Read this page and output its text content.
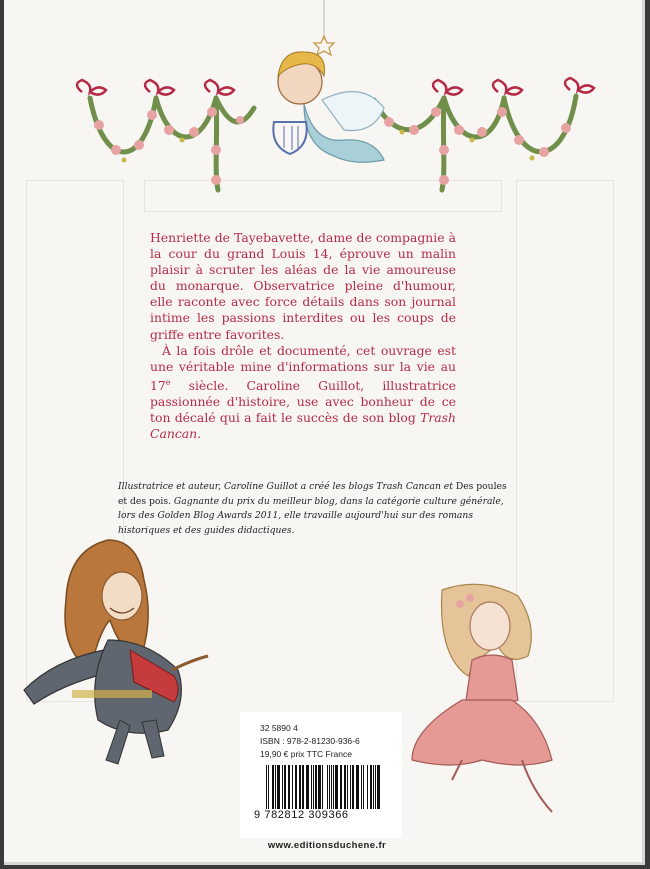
Henriette de Tayebavette, dame de compagnie à la cour du grand Louis 14, éprouve un malin plaisir à scruter les aléas de la vie amoureuse du monarque. Observatrice pleine d'humour, elle raconte avec force détails dans son journal intime les passions interdites ou les coups de griffe entre favorites.

À la fois drôle et documenté, cet ouvrage est une véritable mine d'informations sur la vie au 17e siècle. Caroline Guillot, illustratrice passionnée d'histoire, use avec bonheur de ce ton décalé qui a fait le succès de son blog Trash Cancan.

Illustratrice et auteur, Caroline Guillot a créé les blogs Trash Cancan et Des poules et des pois. Gagnante du prix du meilleur blog, dans la catégorie culture générale, lors des Golden Blog Awards 2011, elle travaille aujourd'hui sur des romans historiques et des guides didactiques.
32 5890 4
ISBN : 978-2-81230-936-6
19,90 € prix TTC France
9 782812 309366
www.editionsduchene.fr
